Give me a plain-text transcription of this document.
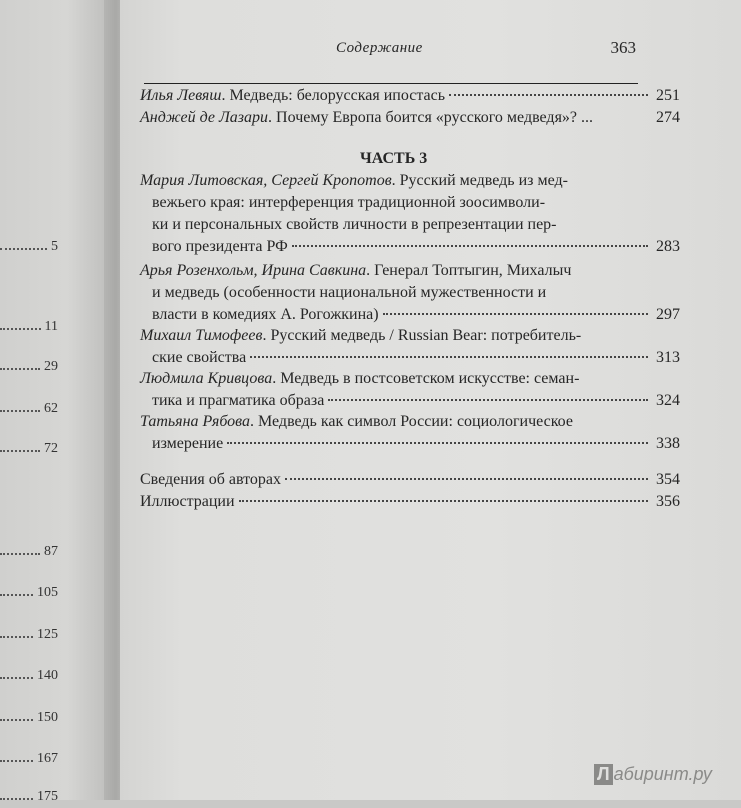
5
11
29
62
72
87
105
125
140
150
167
175
Содержание	363
Илья Левяш . Медведь: белорусская ипостась	251
Анджей де Лазари . Почему Европа боится «русского медведя»? ...	274
ЧАСТЬ 3
Мария Литовская, Сергей Кропотов . Русский медведь из мед-
вежьего края: интерференция традиционной зоосимволи-
ки и персональных свойств личности в репрезентации пер-
вого президента РФ	283
Арья Розенхольм, Ирина Савкина . Генерал Топтыгин, Михалыч
и медведь (особенности национальной мужественности и
власти в комедиях А. Рогожкина)	297
Михаил Тимофеев . Русский медведь / Russian Bear: потребитель-
ские свойства	313
Людмила Кривцова . Медведь в постсоветском искусстве: семан-
тика и прагматика образа	324
Татьяна Рябова . Медведь как символ России: социологическое
измерение	338
Сведения об авторах	354
Иллюстрации	356
Л абиринт.ру
